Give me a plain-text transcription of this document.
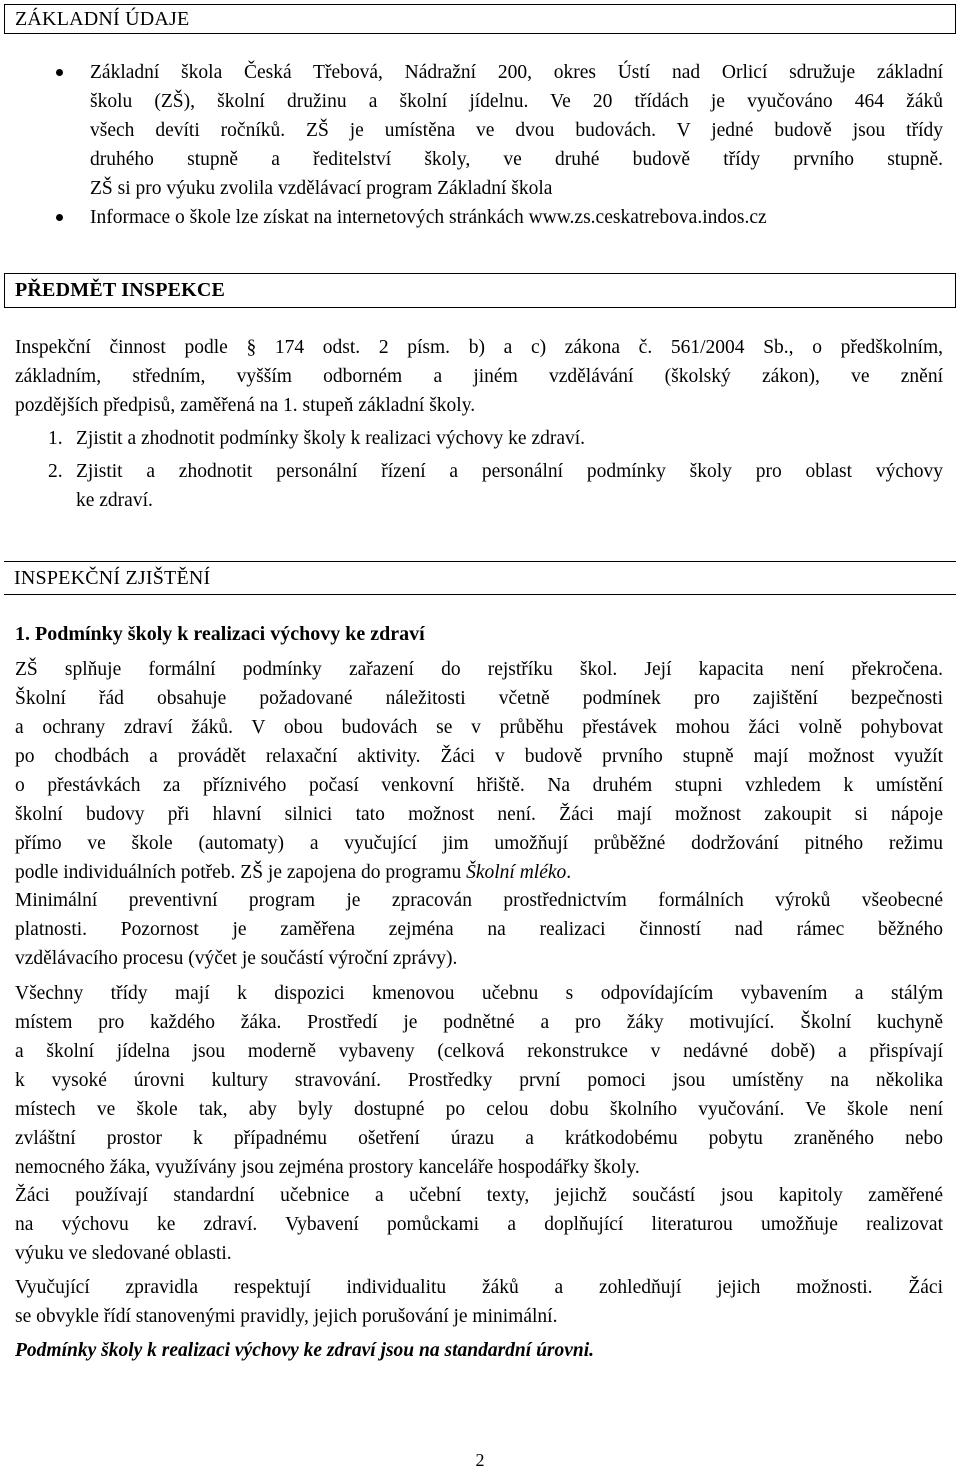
ZÁKLADNÍ ÚDAJE
Základní škola Česká Třebová, Nádražní 200, okres Ústí nad Orlicí sdružuje základní
školu (ZŠ), školní družinu a školní jídelnu. Ve 20 třídách je vyučováno 464 žáků
všech devíti ročníků. ZŠ je umístěna ve dvou budovách. V jedné budově jsou třídy
druhého stupně a ředitelství školy, ve druhé budově třídy prvního stupně.
ZŠ si pro výuku zvolila vzdělávací program Základní škola
Informace o škole lze získat na internetových stránkách www.zs.ceskatrebova.indos.cz
PŘEDMĚT INSPEKCE
Inspekční činnost podle § 174 odst. 2 písm. b) a c) zákona č. 561/2004 Sb., o předškolním,
základním, středním, vyšším odborném a jiném vzdělávání (školský zákon), ve znění
pozdějších předpisů, zaměřená na 1. stupeň základní školy.
1. Zjistit a zhodnotit podmínky školy k realizaci výchovy ke zdraví.
2. Zjistit a zhodnotit personální řízení a personální podmínky školy pro oblast výchovy
ke zdraví.
INSPEKČNÍ ZJIŠTĚNÍ
1. Podmínky školy k realizaci výchovy ke zdraví
ZŠ splňuje formální podmínky zařazení do rejstříku škol. Její kapacita není překročena.
Školní řád obsahuje požadované náležitosti včetně podmínek pro zajištění bezpečnosti
a ochrany zdraví žáků. V obou budovách se v průběhu přestávek mohou žáci volně pohybovat
po chodbách a provádět relaxační aktivity. Žáci v budově prvního stupně mají možnost využít
o přestávkách za příznivého počasí venkovní hřiště. Na druhém stupni vzhledem k umístění
školní budovy při hlavní silnici tato možnost není. Žáci mají možnost zakoupit si nápoje
přímo ve škole (automaty) a vyučující jim umožňují průběžné dodržování pitného režimu
podle individuálních potřeb. ZŠ je zapojena do programu Školní mléko.
Minimální preventivní program je zpracován prostřednictvím formálních výroků všeobecné
platnosti. Pozornost je zaměřena zejména na realizaci činností nad rámec běžného
vzdělávacího procesu (výčet je součástí výroční zprávy).
Všechny třídy mají k dispozici kmenovou učebnu s odpovídajícím vybavením a stálým
místem pro každého žáka. Prostředí je podnětné a pro žáky motivující. Školní kuchyně
a školní jídelna jsou moderně vybaveny (celková rekonstrukce v nedávné době) a přispívají
k vysoké úrovni kultury stravování. Prostředky první pomoci jsou umístěny na několika
místech ve škole tak, aby byly dostupné po celou dobu školního vyučování. Ve škole není
zvláštní prostor k případnému ošetření úrazu a krátkodobému pobytu zraněného nebo
nemocného žáka, využívány jsou zejména prostory kanceláře hospodářky školy.
Žáci používají standardní učebnice a učební texty, jejichž součástí jsou kapitoly zaměřené
na výchovu ke zdraví. Vybavení pomůckami a doplňující literaturou umožňuje realizovat
výuku ve sledované oblasti.
Vyučující zpravidla respektují individualitu žáků a zohledňují jejich možnosti. Žáci
se obvykle řídí stanovenými pravidly, jejich porušování je minimální.
Podmínky školy k realizaci výchovy ke zdraví jsou na standardní úrovni.
2
